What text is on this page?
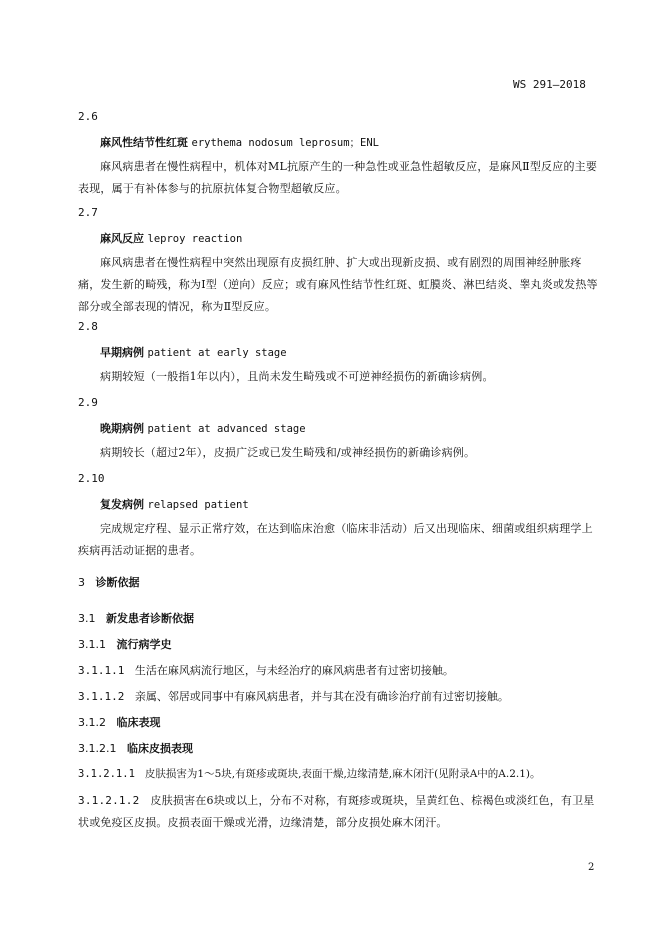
WS 291—2018
2.6
麻风性结节性红斑 erythema nodosum leprosum；ENL
麻风病患者在慢性病程中，机体对ML抗原产生的一种急性或亚急性超敏反应，是麻风Ⅱ型反应的主要表现，属于有补体参与的抗原抗体复合物型超敏反应。
2.7
麻风反应 leproy reaction
麻风病患者在慢性病程中突然出现原有皮损红肿、扩大或出现新皮损、或有剧烈的周围神经肿胀疼痛，发生新的畸残，称为Ⅰ型（逆向）反应；或有麻风性结节性红斑、虹膜炎、淋巴结炎、睾丸炎或发热等部分或全部表现的情况，称为Ⅱ型反应。
2.8
早期病例 patient at early stage
病期较短（一般指1年以内），且尚未发生畸残或不可逆神经损伤的新确诊病例。
2.9
晚期病例 patient at advanced stage
病期较长（超过2年），皮损广泛或已发生畸残和/或神经损伤的新确诊病例。
2.10
复发病例 relapsed patient
完成规定疗程、显示正常疗效，在达到临床治愈（临床非活动）后又出现临床、细菌或组织病理学上疾病再活动证据的患者。
3 诊断依据
3.1 新发患者诊断依据
3.1.1 流行病学史
3.1.1.1 生活在麻风病流行地区，与未经治疗的麻风病患者有过密切接触。
3.1.1.2 亲属、邻居或同事中有麻风病患者，并与其在没有确诊治疗前有过密切接触。
3.1.2 临床表现
3.1.2.1 临床皮损表现
3.1.2.1.1 皮肤损害为1～5块,有斑疹或斑块,表面干燥,边缘清楚,麻木闭汗(见附录A中的A.2.1)。
3.1.2.1.2 皮肤损害在6块或以上，分布不对称，有斑疹或斑块，呈黄红色、棕褐色或淡红色，有卫星状或免疫区皮损。皮损表面干燥或光滑，边缘清楚，部分皮损处麻木闭汗。
2
